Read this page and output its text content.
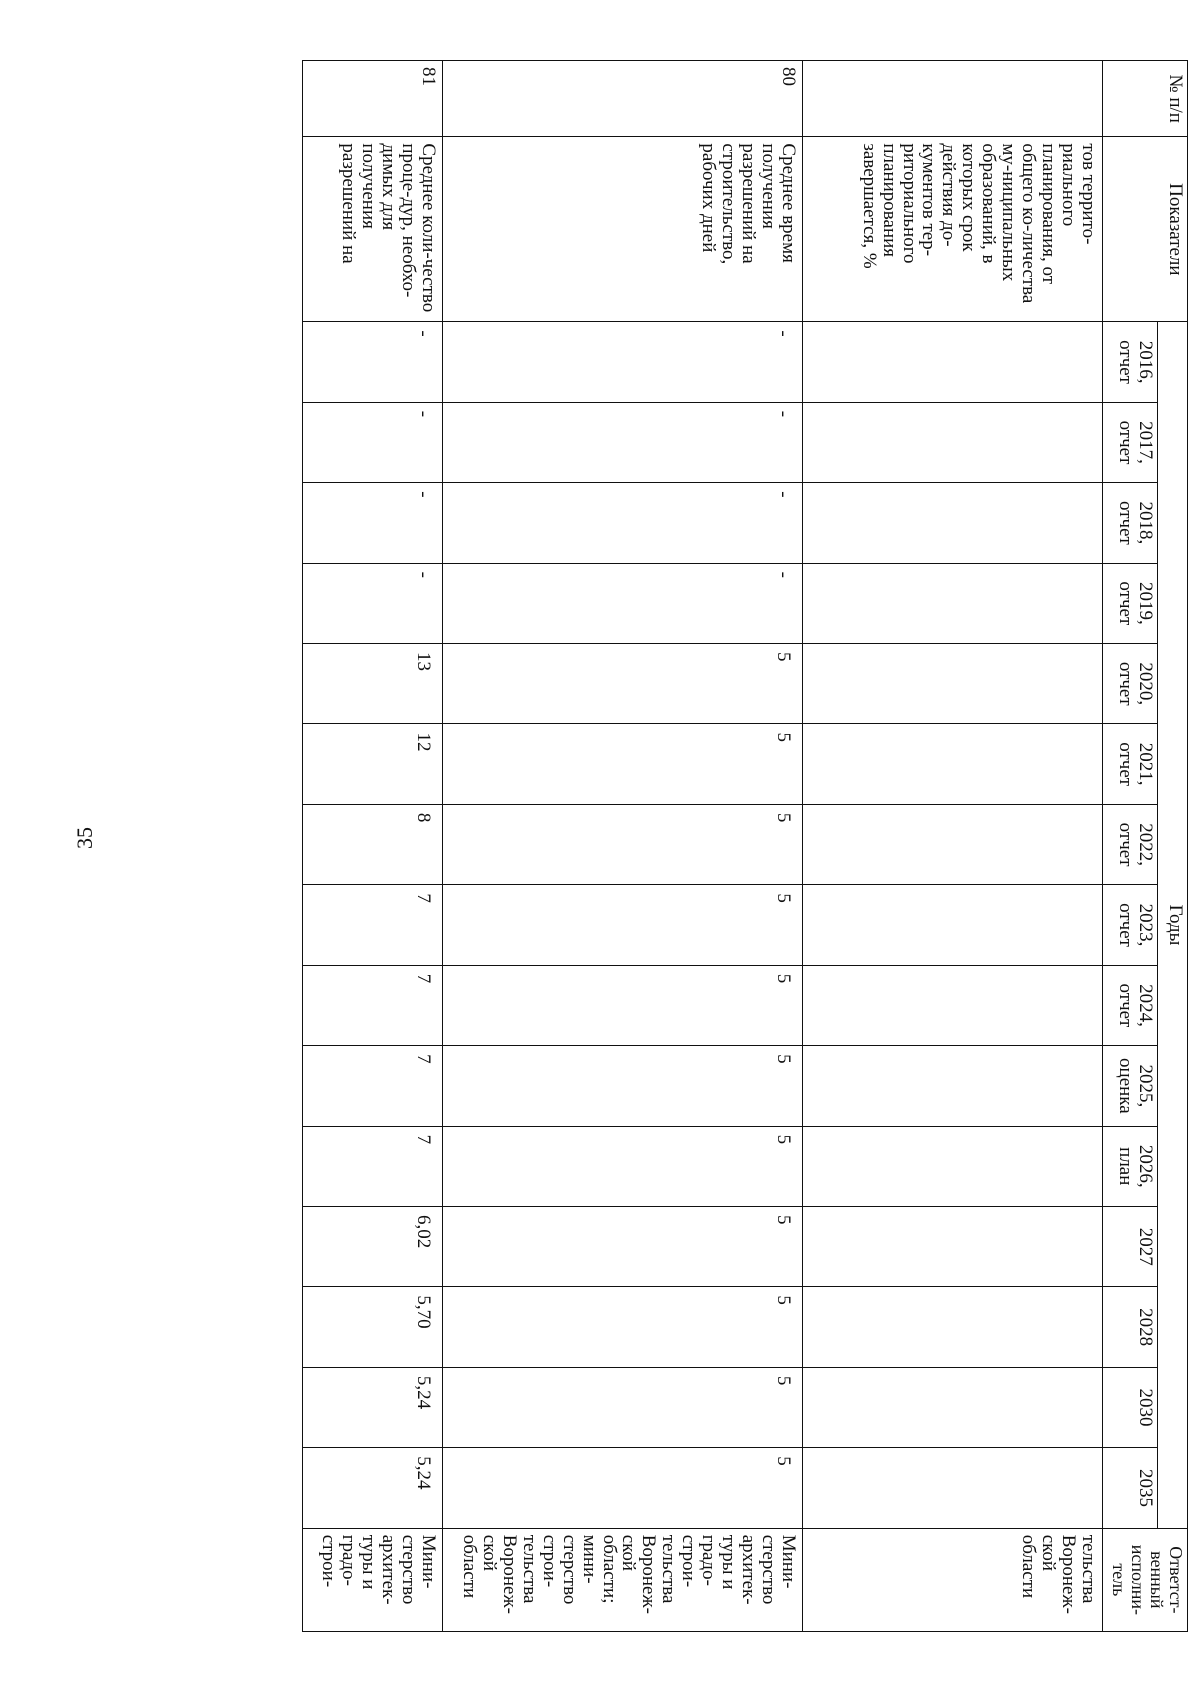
35
№ п/п	Показатели	Годы															Ответст-венный исполни-тель
		2016, отчет	2017, отчет	2018, отчет	2019, отчет	2020, отчет	2021, отчет	2022, отчет	2023, отчет	2024, отчет	2025, оценка	2026, план	2027	2028	2030	2035	
	тов террито-риального планирования, от общего ко-личества му-ниципальных образований, в которых срок действия до-кументов тер-риториального планирования завершается, %																тельства Воронеж-ской области
80	Среднее время получения разрешений на строительство, рабочих дней	-	-	-	-	5	5	5	5	5	5	5	5	5	5	5	Мини-стерство архитек-туры и градо-строи-тельства Воронеж-ской области; мини-стерство строи-тельства Воронеж-ской области
81	Среднее коли-чество проце-дур, необхо-димых для получения разрешений на	-	-	-	-	13	12	8	7	7	7	7	6,02	5,70	5,24	5,24	Мини-стерство архитек-туры и градо-строи-
